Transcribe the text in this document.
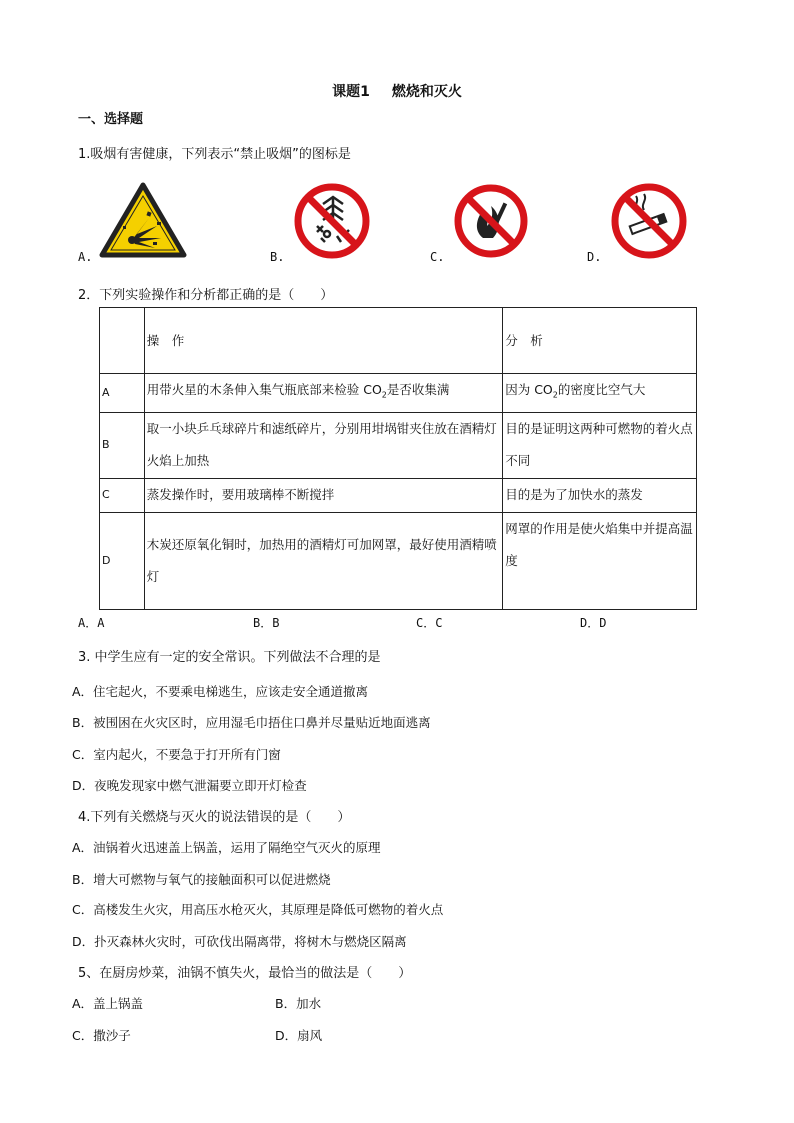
课题1 燃烧和灭火
一、选择题
1.吸烟有害健康，下列表示“禁止吸烟”的图标是
A.	B.	C.	D.
2．下列实验操作和分析都正确的是（　　）
	操　作	分　析
A	用带火星的木条伸入集气瓶底部来检验 $CO_2$是否收集满	因为 $CO_2$的密度比空气大
B	取一小块乒乓球碎片和滤纸碎片，分别用坩埚钳夹住放在酒精灯火焰上加热	目的是证明这两种可燃物的着火点不同
C	蒸发操作时，要用玻璃棒不断搅拌	目的是为了加快水的蒸发
D	木炭还原氧化铜时，加热用的酒精灯可加网罩，最好使用酒精喷灯	网罩的作用是使火焰集中并提高温度
A．A	B．B	C．C	D．D
3. 中学生应有一定的安全常识。下列做法不合理的是
A．住宅起火，不要乘电梯逃生，应该走安全通道撤离
B．被围困在火灾区时，应用湿毛巾捂住口鼻并尽量贴近地面逃离
C．室内起火，不要急于打开所有门窗
D．夜晚发现家中燃气泄漏要立即开灯检查
4.下列有关燃烧与灭火的说法错误的是（　　）
A．油锅着火迅速盖上锅盖，运用了隔绝空气灭火的原理
B．增大可燃物与氧气的接触面积可以促进燃烧
C．高楼发生火灾，用高压水枪灭火，其原理是降低可燃物的着火点
D．扑灭森林火灾时，可砍伐出隔离带，将树木与燃烧区隔离
5、在厨房炒菜，油锅不慎失火，最恰当的做法是（　　）
A．盖上锅盖	B．加水
C．撒沙子	D．扇风
